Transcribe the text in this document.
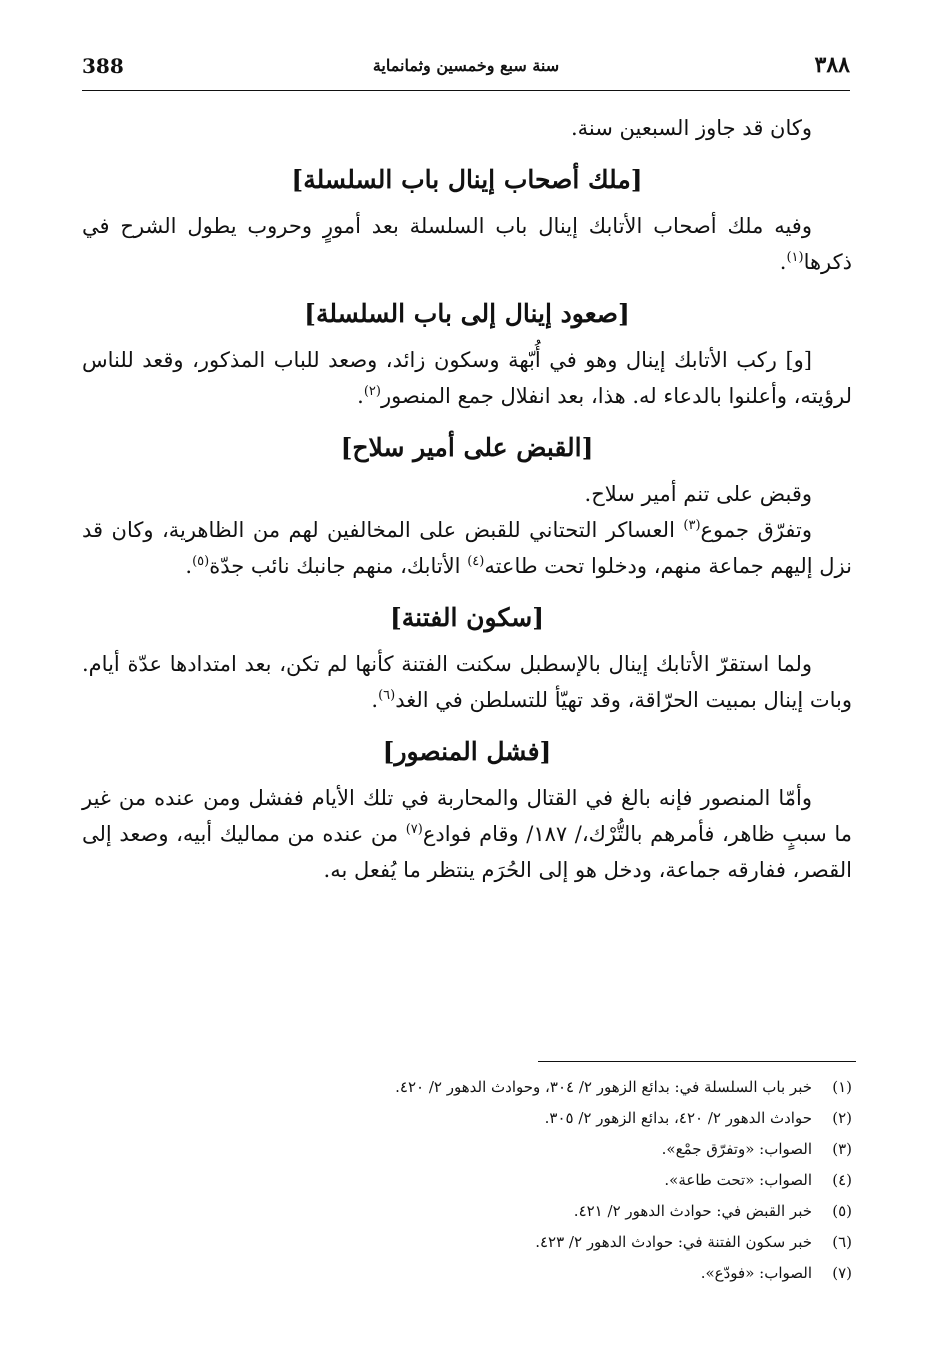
388	سنة سبع وخمسين وثمانماية	٣٨٨

وكان قد جاوز السبعين سنة.

[ملك أصحاب إينال باب السلسلة]

وفيه ملك أصحاب الأتابك إينال باب السلسلة بعد أمورٍ وحروب يطول الشرح في ذكرها$^{(١)}$.

[صعود إينال إلى باب السلسلة]

[و] ركب الأتابك إينال وهو في أُبّهة وسكون زائد، وصعد للباب المذكور، وقعد للناس لرؤيته، وأعلنوا بالدعاء له. هذا، بعد انفلال جمع المنصور$^{(٢)}$.

[القبض على أمير سلاح]

وقبض على تنم أمير سلاح.

وتفرّق جموع$^{(٣)}$ العساكر التحتاني للقبض على المخالفين لهم من الظاهرية، وكان قد نزل إليهم جماعة منهم، ودخلوا تحت طاعته$^{(٤)}$ الأتابك، منهم جانبك نائب جدّة$^{(٥)}$.

[سكون الفتنة]

ولما استقرّ الأتابك إينال بالإسطبل سكنت الفتنة كأنها لم تكن، بعد امتدادها عدّة أيام. وبات إينال بمبيت الحرّاقة، وقد تهيّأ للتسلطن في الغد$^{(٦)}$.

[فشل المنصور]

وأمّا المنصور فإنه بالغ في القتال والمحاربة في تلك الأيام ففشل ومن عنده من غير ما سببٍ ظاهر، فأمرهم بالتُّرْك،/ ١٨٧/ وقام فوادع$^{(٧)}$ من عنده من مماليك أبيه، وصعد إلى القصر، ففارقه جماعة، ودخل هو إلى الحُرَم ينتظر ما يُفعل به.

(١)
خبر باب السلسلة في: بدائع الزهور ٢/ ٣٠٤، وحوادث الدهور ٢/ ٤٢٠.
(٢)
حوادث الدهور ٢/ ٤٢٠، بدائع الزهور ٢/ ٣٠٥.
(٣)
الصواب: «وتفرّق جمْع».
(٤)
الصواب: «تحت طاعة».
(٥)
خبر القبض في: حوادث الدهور ٢/ ٤٢١.
(٦)
خبر سكون الفتنة في: حوادث الدهور ٢/ ٤٢٣.
(٧)
الصواب: «فودّع».
